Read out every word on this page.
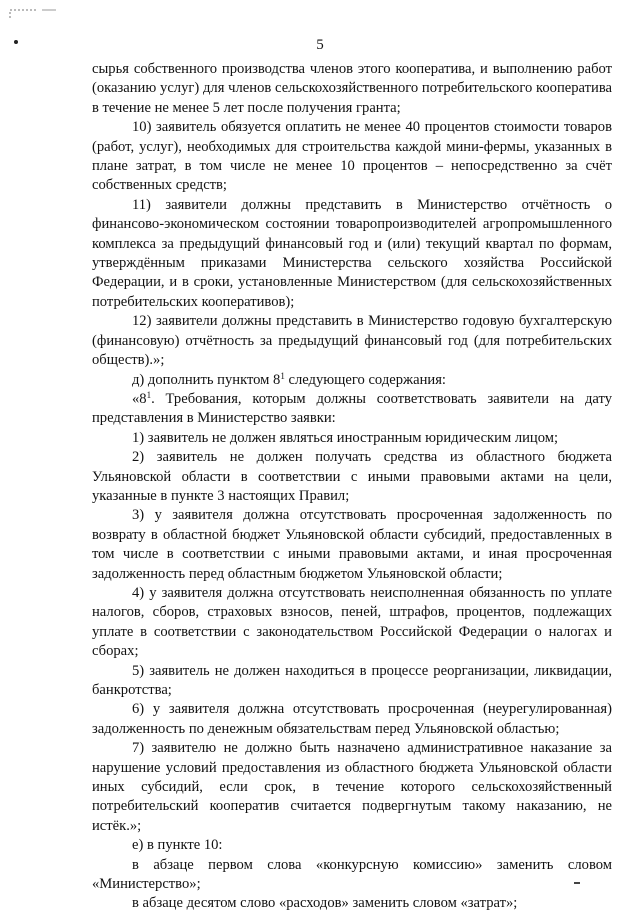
5

сырья собственного производства членов этого кооператива, и выполнению работ (оказанию услуг) для членов сельскохозяйственного потребительского кооператива в течение не менее 5 лет после получения гранта;

10) заявитель обязуется оплатить не менее 40 процентов стоимости товаров (работ, услуг), необходимых для строительства каждой мини-фермы, указанных в плане затрат, в том числе не менее 10 процентов – непосредственно за счёт собственных средств;

11) заявители должны представить в Министерство отчётность о финансово-экономическом состоянии товаропроизводителей агропромышленного комплекса за предыдущий финансовый год и (или) текущий квартал по формам, утверждённым приказами Министерства сельского хозяйства Российской Федерации, и в сроки, установленные Министерством (для сельскохозяйственных потребительских кооперативов);

12) заявители должны представить в Министерство годовую бухгалтерскую (финансовую) отчётность за предыдущий финансовый год (для потребительских обществ).»;

д) дополнить пунктом $8^1$ следующего содержания:

«$8^1$. Требования, которым должны соответствовать заявители на дату представления в Министерство заявки:

1) заявитель не должен являться иностранным юридическим лицом;

2) заявитель не должен получать средства из областного бюджета Ульяновской области в соответствии с иными правовыми актами на цели, указанные в пункте 3 настоящих Правил;

3) у заявителя должна отсутствовать просроченная задолженность по возврату в областной бюджет Ульяновской области субсидий, предоставленных в том числе в соответствии с иными правовыми актами, и иная просроченная задолженность перед областным бюджетом Ульяновской области;

4) у заявителя должна отсутствовать неисполненная обязанность по уплате налогов, сборов, страховых взносов, пеней, штрафов, процентов, подлежащих уплате в соответствии с законодательством Российской Федерации о налогах и сборах;

5) заявитель не должен находиться в процессе реорганизации, ликвидации, банкротства;

6) у заявителя должна отсутствовать просроченная (неурегулированная) задолженность по денежным обязательствам перед Ульяновской областью;

7) заявителю не должно быть назначено административное наказание за нарушение условий предоставления из областного бюджета Ульяновской области иных субсидий, если срок, в течение которого сельскохозяйственный потребительский кооператив считается подвергнутым такому наказанию, не истёк.»;

е) в пункте 10:

в абзаце первом слова «конкурсную комиссию» заменить словом «Министерство»;

в абзаце десятом слово «расходов» заменить словом «затрат»;
